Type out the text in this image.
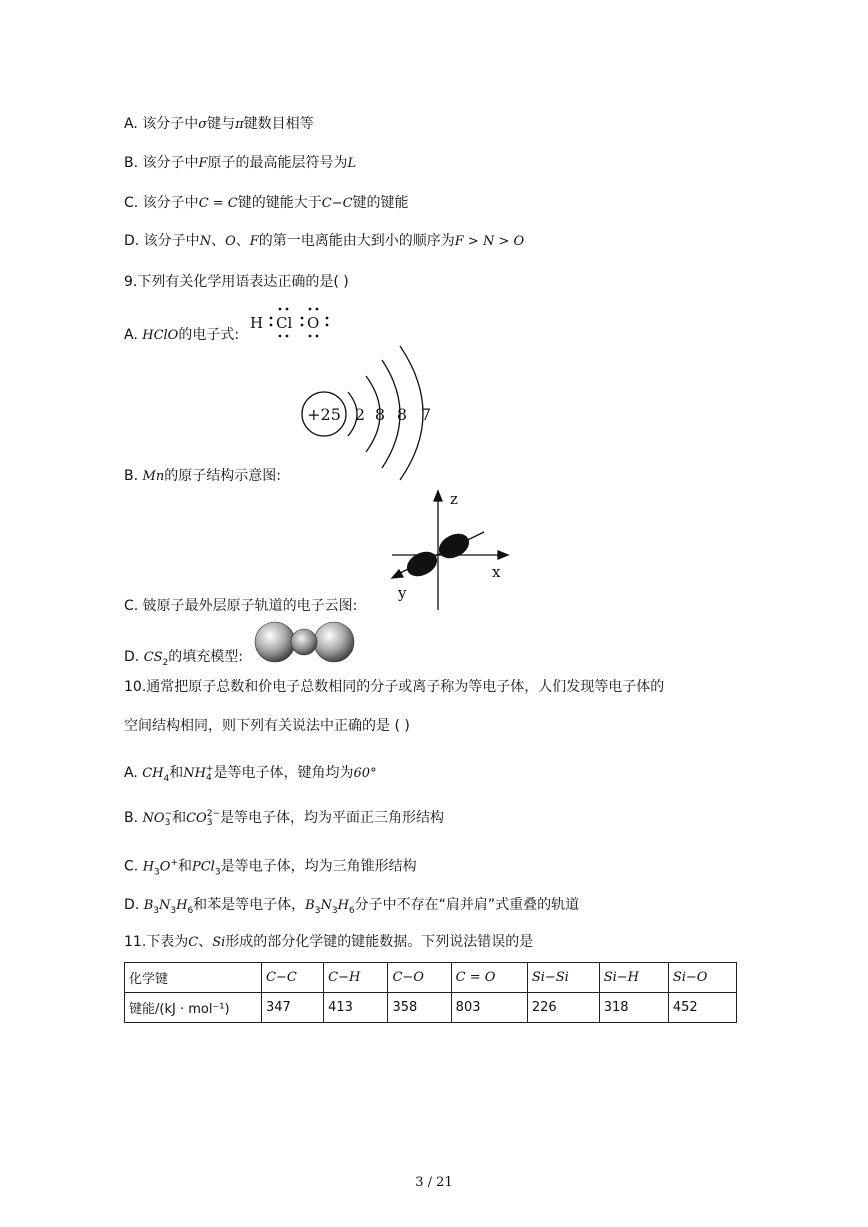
A. 该分子中σ键与π键数目相等
B. 该分子中F原子的最高能层符号为L
C. 该分子中C = C键的键能大于C−C键的键能
D. 该分子中N、O、F的第一电离能由大到小的顺序为F > N > O
9.下列有关化学用语表达正确的是( )
A. HClO的电子式:
H Cl O
+25 2 8 8 7
B. Mn的原子结构示意图:
z
x
y
C. 铍原子最外层原子轨道的电子云图:
D. $CS_2$的填充模型:
10.通常把原子总数和价电子总数相同的分子或离子称为等电子体，人们发现等电子体的
空间结构相同，则下列有关说法中正确的是 ( )
A. $CH_4$和NH +
4 是等电子体，键角均为60°
B. NO −
3 和CO 2−
3 是等电子体，均为平面正三角形结构
C. $H_3O^+$和PCl$_3$是等电子体，均为三角锥形结构
D. $B_3N_3H_6$和苯是等电子体，$B_3N_3H_6$分子中不存在“肩并肩”式重叠的轨道
11.下表为C、Si形成的部分化学键的键能数据。下列说法错误的是
化学键	C−C	C−H	C−O	C = O	Si−Si	Si−H	Si−O
键能/(kJ · mol⁻¹)	347	413	358	803	226	318	452
3 / 21
